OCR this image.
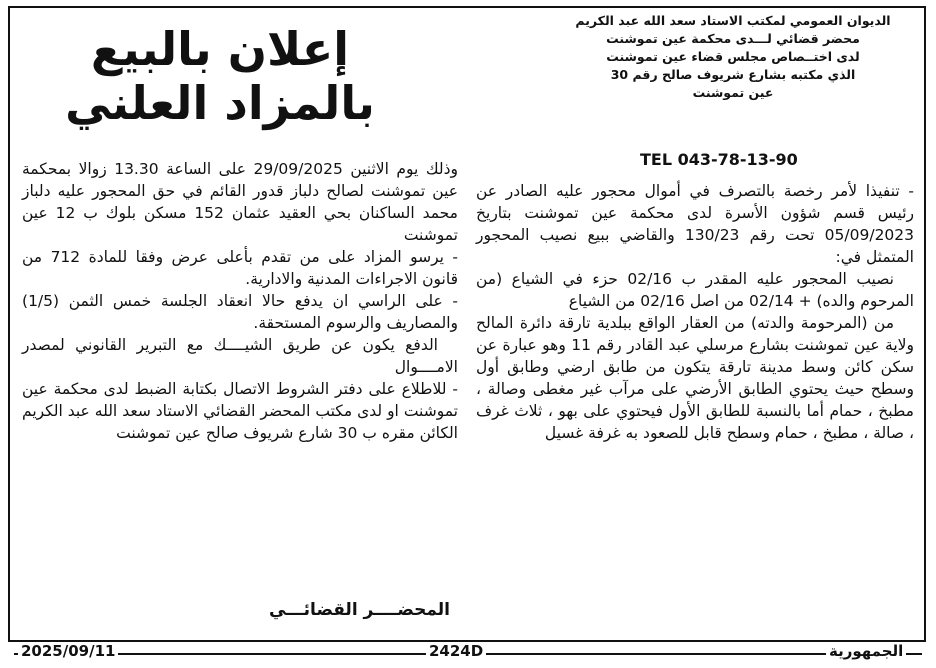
الديوان العمومي لمكتب الاستاد سعد الله عبد الكريم
محضر قضائي لـــدى محكمة عين تموشنت
لدى اختــصاص مجلس قضاء عين تموشنت
الذي مكتبه بشارع شريوف صالح رقم 30
عين تموشنت
إعلان بالبيع
بالمزاد العلني
TEL 043-78-13-90

- تنفيذا لأمر رخصة بالتصرف في أموال محجور عليه الصادر عن رئيس قسم شؤون الأسرة لدى محكمة عين تموشنت بتاريخ 05/09/2023 تحت رقم 130/23 والقاضي ببيع نصيب المحجور المتمثل في:

نصيب المحجور عليه المقدر ب 02/16 حزء في الشياع (من المرحوم والده) + 02/14 من اصل 02/16 من الشياع

من (المرحومة والدته) من العقار الواقع ببلدية تارقة دائرة المالح ولاية عين تموشنت بشارع مرسلي عبد القادر رقم 11 وهو عبارة عن سكن كائن وسط مدينة تارقة يتكون من طابق ارضي وطابق أول وسطح حيث يحتوي الطابق الأرضي على مرآب غير مغطى وصالة ، مطبخ ، حمام أما بالنسبة للطابق الأول فيحتوي على بهو ، ثلاث غرف ، صالة ، مطبخ ، حمام وسطح قابل للصعود به غرفة غسيل

وذلك يوم الاثنين 29/09/2025 على الساعة 13.30 زوالا بمحكمة عين تموشنت لصالح دلباز قدور القائم في حق المحجور عليه دلباز محمد الساكنان بحي العقيد عثمان 152 مسكن بلوك ب 12 عين تموشنت

- يرسو المزاد على من تقدم بأعلى عرض وفقا للمادة 712 من قانون الاجراءات المدنية والادارية.

- على الراسي ان يدفع حالا انعقاد الجلسة خمس الثمن (1/5) والمصاريف والرسوم المستحقة.

الدفع يكون عن طريق الشيــــك مع التبرير القانوني لمصدر الامــــوال

- للاطلاع على دفتر الشروط الاتصال بكتابة الضبط لدى محكمة عين تموشنت او لدى مكتب المحضر القضائي الاستاد سعد الله عبد الكريم الكائن مقره ب 30 شارع شريوف صالح عين تموشنت

المحضــــر القضائـــي
2025/09/11	2424D	الجمهورية
